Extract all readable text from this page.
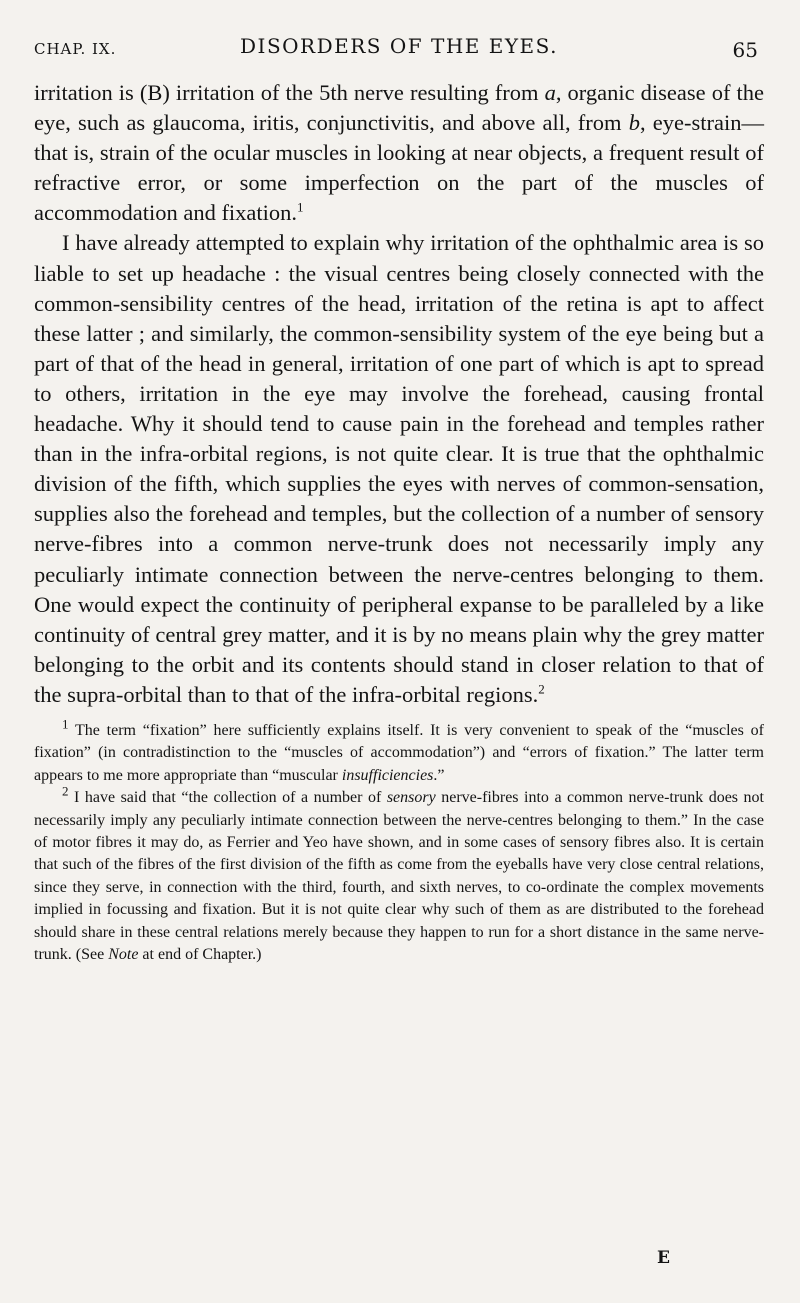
CHAP. IX.	DISORDERS OF THE EYES.	65

irritation is (B) irritation of the 5th nerve resulting from a, organic disease of the eye, such as glaucoma, iritis, conjunctivitis, and above all, from b, eye-strain—that is, strain of the ocular muscles in looking at near objects, a frequent result of refractive error, or some imperfection on the part of the muscles of accommodation and fixation.$^1$

I have already attempted to explain why irritation of the ophthalmic area is so liable to set up headache : the visual centres being closely connected with the common-sensibility centres of the head, irritation of the retina is apt to affect these latter ; and similarly, the common-sensibility system of the eye being but a part of that of the head in general, irritation of one part of which is apt to spread to others, irritation in the eye may involve the forehead, causing frontal headache. Why it should tend to cause pain in the forehead and temples rather than in the infra-orbital regions, is not quite clear. It is true that the ophthalmic division of the fifth, which supplies the eyes with nerves of common-sensation, supplies also the forehead and temples, but the collection of a number of sensory nerve-fibres into a common nerve-trunk does not necessarily imply any peculiarly intimate connection between the nerve-centres belonging to them. One would expect the continuity of peripheral expanse to be paralleled by a like continuity of central grey matter, and it is by no means plain why the grey matter belonging to the orbit and its contents should stand in closer relation to that of the supra-orbital than to that of the infra-orbital regions.$^2$

$^1$ The term “fixation” here sufficiently explains itself. It is very convenient to speak of the “muscles of fixation” (in contradistinction to the “muscles of accommodation”) and “errors of fixation.” The latter term appears to me more appropriate than “muscular insufficiencies.”

$^2$ I have said that “the collection of a number of sensory nerve-fibres into a common nerve-trunk does not necessarily imply any peculiarly intimate connection between the nerve-centres belonging to them.” In the case of motor fibres it may do, as Ferrier and Yeo have shown, and in some cases of sensory fibres also. It is certain that such of the fibres of the first division of the fifth as come from the eyeballs have very close central relations, since they serve, in connection with the third, fourth, and sixth nerves, to co-ordinate the complex movements implied in focussing and fixation. But it is not quite clear why such of them as are distributed to the forehead should share in these central relations merely because they happen to run for a short distance in the same nerve-trunk. (See Note at end of Chapter.)

E
